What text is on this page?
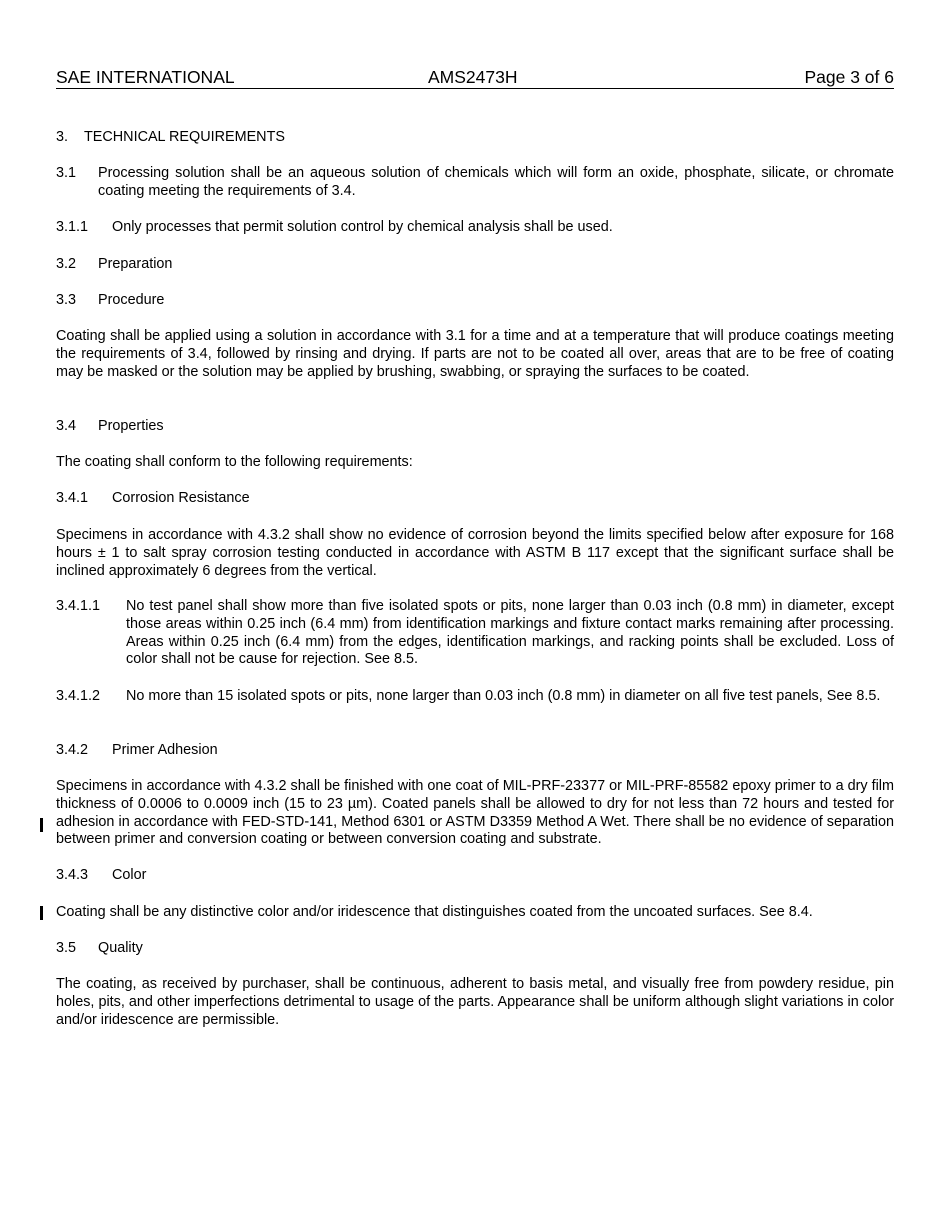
SAE INTERNATIONAL	AMS2473H	Page 3 of 6
3. TECHNICAL REQUIREMENTS
3.1 Processing solution shall be an aqueous solution of chemicals which will form an oxide, phosphate, silicate, or chromate coating meeting the requirements of 3.4.
3.1.1 Only processes that permit solution control by chemical analysis shall be used.
3.2 Preparation
3.3 Procedure
Coating shall be applied using a solution in accordance with 3.1 for a time and at a temperature that will produce coatings meeting the requirements of 3.4, followed by rinsing and drying. If parts are not to be coated all over, areas that are to be free of coating may be masked or the solution may be applied by brushing, swabbing, or spraying the surfaces to be coated.
3.4 Properties
The coating shall conform to the following requirements:
3.4.1 Corrosion Resistance
Specimens in accordance with 4.3.2 shall show no evidence of corrosion beyond the limits specified below after exposure for 168 hours ± 1 to salt spray corrosion testing conducted in accordance with ASTM B 117 except that the significant surface shall be inclined approximately 6 degrees from the vertical.
3.4.1.1 No test panel shall show more than five isolated spots or pits, none larger than 0.03 inch (0.8 mm) in diameter, except those areas within 0.25 inch (6.4 mm) from identification markings and fixture contact marks remaining after processing. Areas within 0.25 inch (6.4 mm) from the edges, identification markings, and racking points shall be excluded. Loss of color shall not be cause for rejection. See 8.5.
3.4.1.2 No more than 15 isolated spots or pits, none larger than 0.03 inch (0.8 mm) in diameter on all five test panels, See 8.5.
3.4.2 Primer Adhesion
Specimens in accordance with 4.3.2 shall be finished with one coat of MIL-PRF-23377 or MIL-PRF-85582 epoxy primer to a dry film thickness of 0.0006 to 0.0009 inch (15 to 23 µm). Coated panels shall be allowed to dry for not less than 72 hours and tested for adhesion in accordance with FED-STD-141, Method 6301 or ASTM D3359 Method A Wet. There shall be no evidence of separation between primer and conversion coating or between conversion coating and substrate.
3.4.3 Color
Coating shall be any distinctive color and/or iridescence that distinguishes coated from the uncoated surfaces. See 8.4.
3.5 Quality
The coating, as received by purchaser, shall be continuous, adherent to basis metal, and visually free from powdery residue, pin holes, pits, and other imperfections detrimental to usage of the parts. Appearance shall be uniform although slight variations in color and/or iridescence are permissible.
